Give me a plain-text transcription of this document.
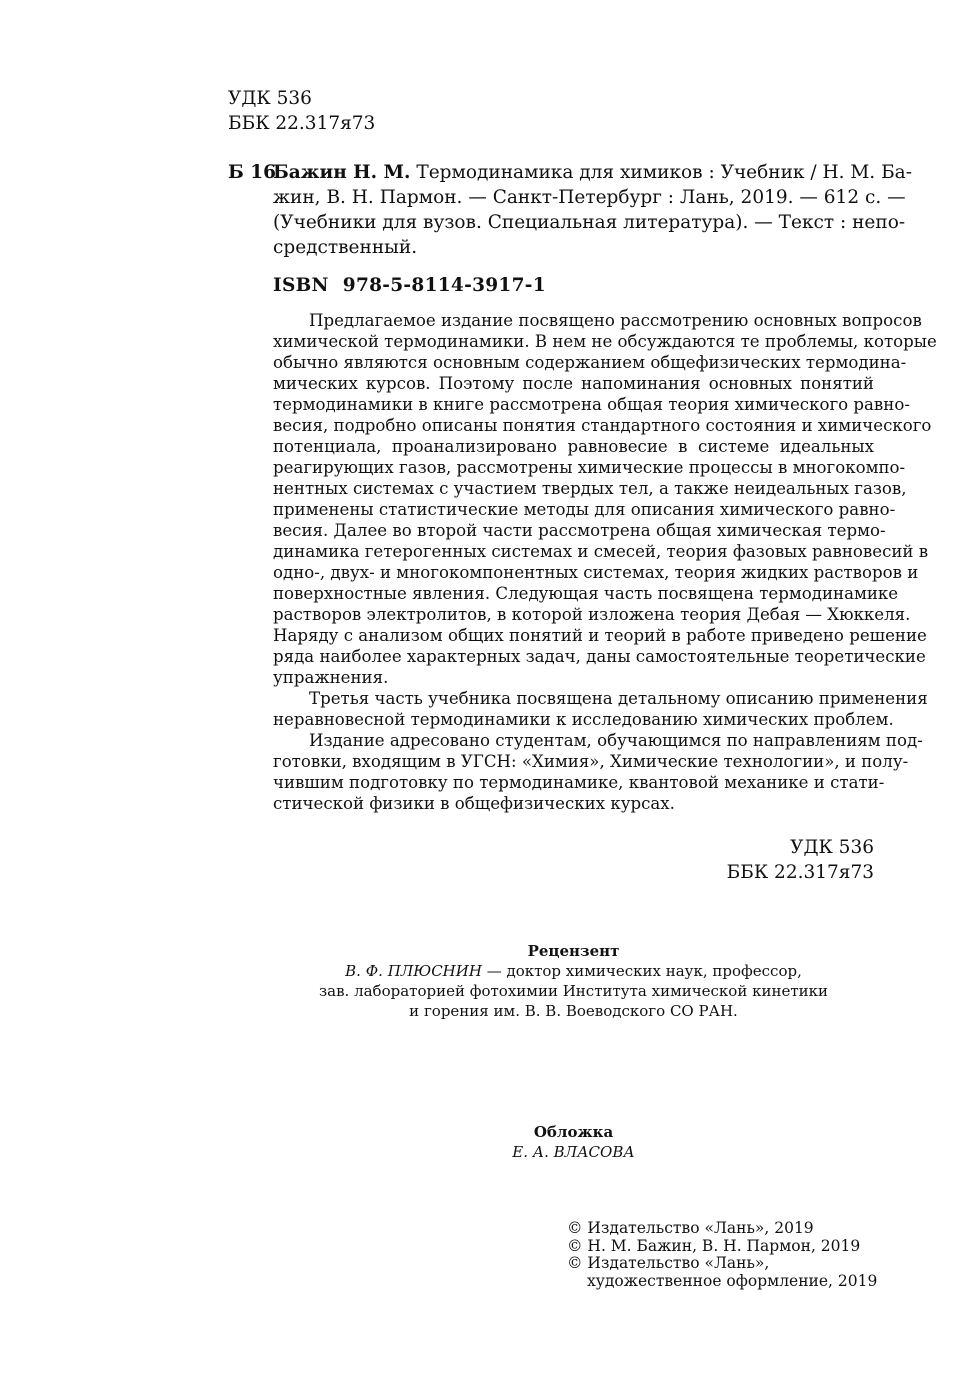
УДК 536
ББК 22.317я73
Б 16
Бажин Н. М. Термодинамика для химиков : Учебник / Н. М. Ба-
жин, В. Н. Пармон. — Санкт-Петербург : Лань, 2019. — 612 с. —
(Учебники для вузов. Специальная литература). — Текст : непо-
средственный.
ISBN 978-5-8114-3917-1
Предлагаемое издание посвящено рассмотрению основных вопросов
химической термодинамики. В нем не обсуждаются те проблемы, которые
обычно являются основным содержанием общефизических термодина-
мических курсов. Поэтому после напоминания основных понятий
термодинамики в книге рассмотрена общая теория химического равно-
весия, подробно описаны понятия стандартного состояния и химического
потенциала, проанализировано равновесие в системе идеальных
реагирующих газов, рассмотрены химические процессы в многокомпо-
нентных системах с участием твердых тел, а также неидеальных газов,
применены статистические методы для описания химического равно-
весия. Далее во второй части рассмотрена общая химическая термо-
динамика гетерогенных системах и смесей, теория фазовых равновесий в
одно-, двух- и многокомпонентных системах, теория жидких растворов и
поверхностные явления. Следующая часть посвящена термодинамике
растворов электролитов, в которой изложена теория Дебая — Хюккеля.
Наряду с анализом общих понятий и теорий в работе приведено решение
ряда наиболее характерных задач, даны самостоятельные теоретические
упражнения.
Третья часть учебника посвящена детальному описанию применения
неравновесной термодинамики к исследованию химических проблем.
Издание адресовано студентам, обучающимся по направлениям под-
готовки, входящим в УГСН: «Химия», Химические технологии», и полу-
чившим подготовку по термодинамике, квантовой механике и стати-
стической физики в общефизических курсах.
УДК 536
ББК 22.317я73
Рецензент
В. Ф. ПЛЮСНИН — доктор химических наук, профессор,
зав. лабораторией фотохимии Института химической кинетики
и горения им. В. В. Воеводского СО РАН.
Обложка
Е. А. ВЛАСОВА
© Издательство «Лань», 2019
© Н. М. Бажин, В. Н. Пармон, 2019
© Издательство «Лань»,
художественное оформление, 2019
